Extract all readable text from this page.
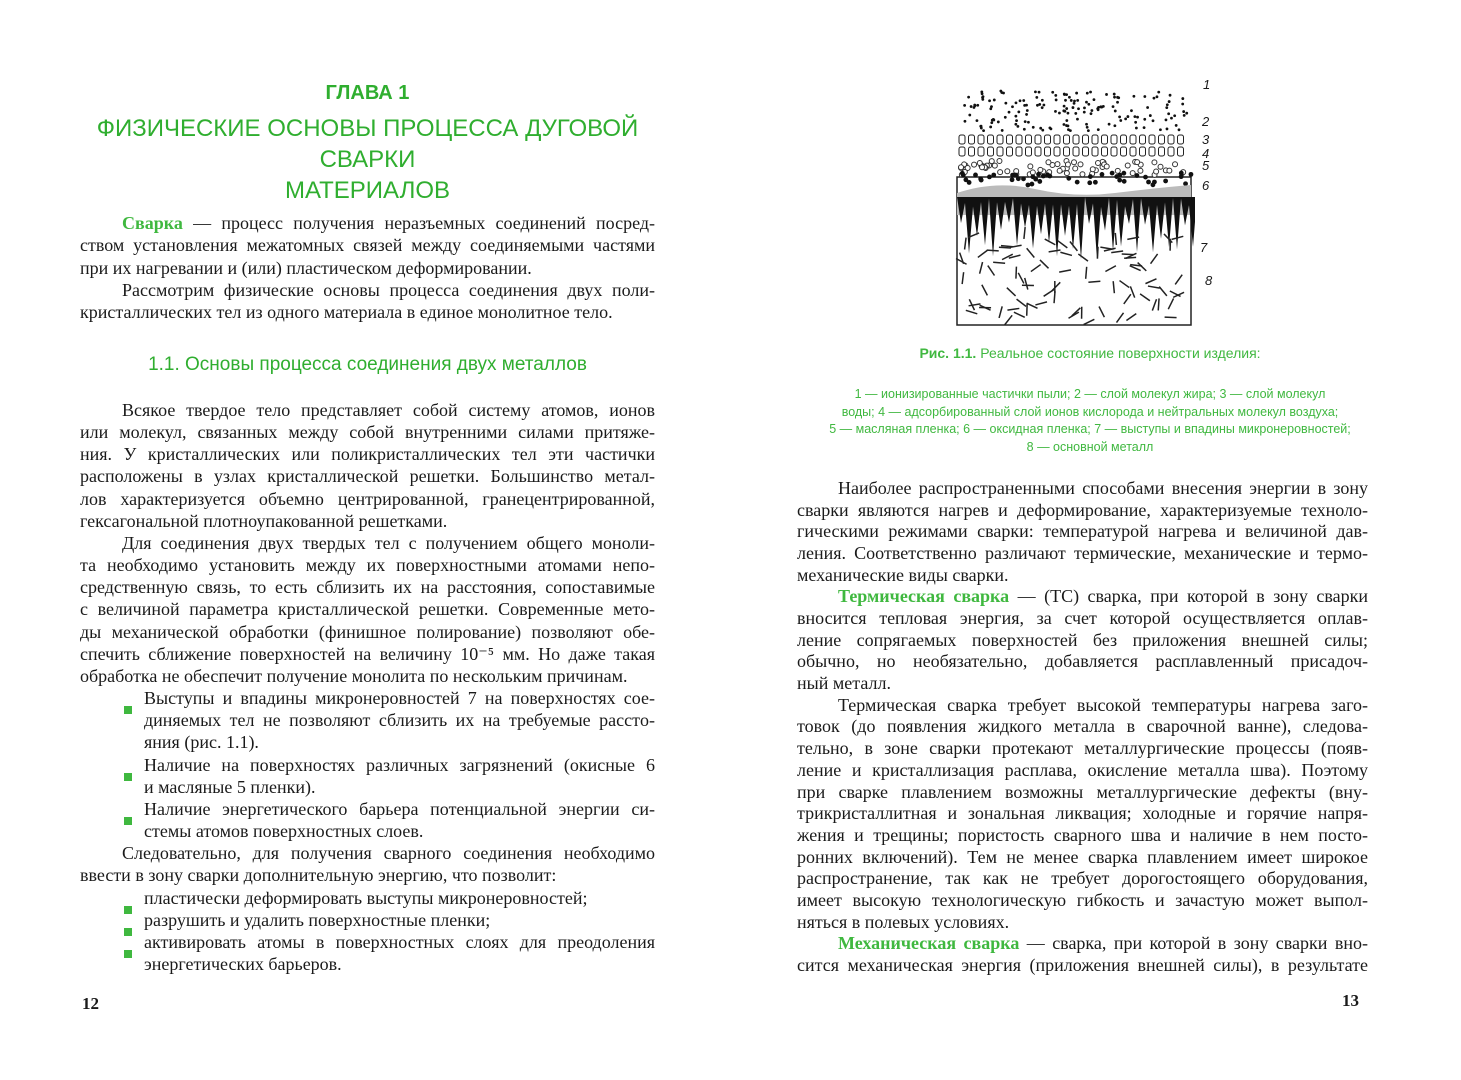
ГЛАВА 1
ФИЗИЧЕСКИЕ ОСНОВЫ ПРОЦЕССА ДУГОВОЙ СВАРКИ
МАТЕРИАЛОВ
Сварка — процесс получения неразъемных соединений посред-
ством установления межатомных связей между соединяемыми частями
при их нагревании и (или) пластическом деформировании.
Рассмотрим физические основы процесса соединения двух поли-
кристаллических тел из одного материала в единое монолитное тело.
1.1. Основы процесса соединения двух металлов
Всякое твердое тело представляет собой систему атомов, ионов
или молекул, связанных между собой внутренними силами притяже-
ния. У кристаллических или поликристаллических тел эти частички
расположены в узлах кристаллической решетки. Большинство метал-
лов характеризуется объемно центрированной, гранецентрированной,
гексагональной плотноупакованной решетками.
Для соединения двух твердых тел с получением общего моноли-
та необходимо установить между их поверхностными атомами непо-
средственную связь, то есть сблизить их на расстояния, сопоставимые
с величиной параметра кристаллической решетки. Современные мето-
ды механической обработки (финишное полирование) позволяют обе-
спечить сближение поверхностей на величину 10⁻⁵ мм. Но даже такая
обработка не обеспечит получение монолита по нескольким причинам.
Выступы и впадины микронеровностей 7 на поверхностях сое-
диняемых тел не позволяют сблизить их на требуемые расстo-
яния (рис. 1.1).
Наличие на поверхностях различных загрязнений (окисные 6
и масляные 5 пленки).
Наличие энергетического барьера потенциальной энергии си-
стемы атомов поверхностных слоев.
Следовательно, для получения сварного соединения необходимо
ввести в зону сварки дополнительную энергию, что позволит:
пластически деформировать выступы микронеровностей;
разрушить и удалить поверхностные пленки;
активировать атомы в поверхностных слоях для преодоления
энергетических барьеров.
12
1
2
3
4
5
6
7
8
Рис. 1.1. Реальное состояние поверхности изделия:
1 — ионизированные частички пыли; 2 — слой молекул жира; 3 — слой молекул
воды; 4 — адсорбированный слой ионов кислорода и нейтральных молекул воздуха;
5 — масляная пленка; 6 — оксидная пленка; 7 — выступы и впадины микронеровностей;
8 — основной металл
Наиболее распространенными способами внесения энергии в зону
сварки являются нагрев и деформирование, характеризуемые техноло-
гическими режимами сварки: температурой нагрева и величиной дав-
ления. Соответственно различают термические, механические и термо-
механические виды сварки.
Термическая сварка — (ТС) сварка, при которой в зону сварки
вносится тепловая энергия, за счет которой осуществляется оплав-
ление сопрягаемых поверхностей без приложения внешней силы;
обычно, но необязательно, добавляется расплавленный присадоч-
ный металл.
Термическая сварка требует высокой температуры нагрева заго-
товок (до появления жидкого металла в сварочной ванне), следова-
тельно, в зоне сварки протекают металлургические процессы (появ-
ление и кристаллизация расплава, окисление металла шва). Поэтому
при сварке плавлением возможны металлургические дефекты (вну-
трикристаллитная и зональная ликвация; холодные и горячие напря-
жения и трещины; пористость сварного шва и наличие в нем посто-
ронних включений). Тем не менее сварка плавлением имеет широкое
распространение, так как не требует дорогостоящего оборудования,
имеет высокую технологическую гибкость и зачастую может выпол-
няться в полевых условиях.
Механическая сварка — сварка, при которой в зону сварки вно-
сится механическая энергия (приложения внешней силы), в результате
13
